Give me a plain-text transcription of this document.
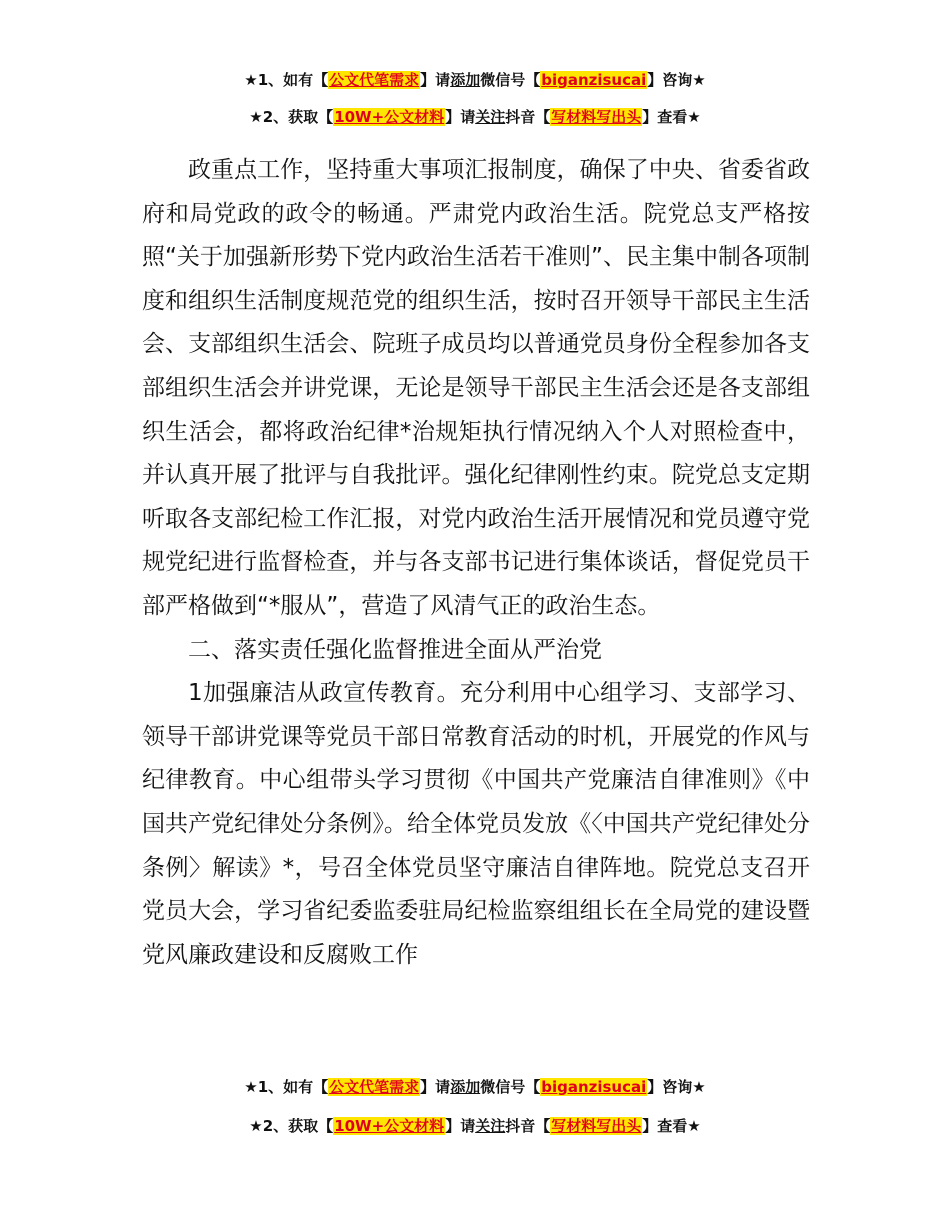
★1、如有【公文代笔需求】请添加微信号【biganzisucai】咨询★
★2、获取【10W+公文材料】请关注抖音【写材料写出头】查看★

政重点工作，坚持重大事项汇报制度，确保了中央、省委省政府和局党政的政令的畅通。严肃党内政治生活。院党总支严格按照“关于加强新形势下党内政治生活若干准则”、民主集中制各项制度和组织生活制度规范党的组织生活，按时召开领导干部民主生活会、支部组织生活会、院班子成员均以普通党员身份全程参加各支部组织生活会并讲党课，无论是领导干部民主生活会还是各支部组织生活会，都将政治纪律*治规矩执行情况纳入个人对照检查中，并认真开展了批评与自我批评。强化纪律刚性约束。院党总支定期听取各支部纪检工作汇报，对党内政治生活开展情况和党员遵守党规党纪进行监督检查，并与各支部书记进行集体谈话，督促党员干部严格做到“*服从”，营造了风清气正的政治生态。

二、落实责任强化监督推进全面从严治党

1加强廉洁从政宣传教育。充分利用中心组学习、支部学习、领导干部讲党课等党员干部日常教育活动的时机，开展党的作风与纪律教育。中心组带头学习贯彻《中国共产党廉洁自律准则》《中国共产党纪律处分条例》。给全体党员发放《〈中国共产党纪律处分条例〉解读》*，号召全体党员坚守廉洁自律阵地。院党总支召开党员大会，学习省纪委监委驻局纪检监察组组长在全局党的建设暨党风廉政建设和反腐败工作

★1、如有【公文代笔需求】请添加微信号【biganzisucai】咨询★
★2、获取【10W+公文材料】请关注抖音【写材料写出头】查看★
